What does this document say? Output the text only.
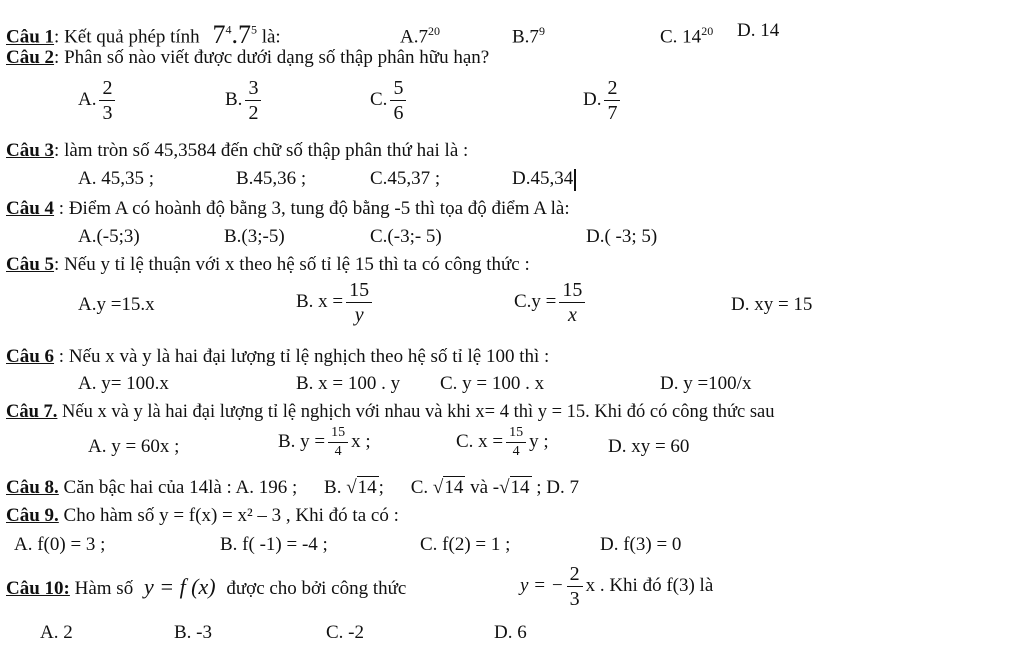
Câu 1: Kết quả phép tính $7^4.7^5$ là:	$A.7^{20}$	$B.7^9$	C. $14^{20}$ D. 14
Câu 2: Phân số nào viết được dưới dạng số thập phân hữu hạn?
A. $\frac{2}{3}$	B. $\frac{3}{2}$	C. $\frac{5}{6}$	D. $\frac{2}{7}$
Câu 3: làm tròn số 45,3584 đến chữ số thập phân thứ hai là :
A. 45,35 ;	B.45,36 ;	C.45,37 ;	D.45,34
Câu 4 : Điểm A có hoành độ bằng 3, tung độ bằng -5 thì tọa độ điểm A là:
A.(-5;3)	B.(3;-5)	C.(-3;- 5)	D.( -3; 5)
Câu 5: Nếu y tỉ lệ thuận với x theo hệ số tỉ lệ 15 thì ta có công thức :
A.y =15.x	B. $x = \frac{15}{y}$	$C.y = \frac{15}{x}$	D. xy = 15
Câu 6 : Nếu x và y là hai đại lượng tỉ lệ nghịch theo hệ số tỉ lệ 100 thì :
A. y= 100.x	B. x = 100 . y C. y = 100 . x	D. y =100/x
Câu 7. Nếu x và y là hai đại lượng tỉ lệ nghịch với nhau và khi x= 4 thì y = 15. Khi đó có công thức sau
A. y = 60x ;	B. $y = \frac{15}{4}$ x ;	C. $x = \frac{15}{4}$ y ;	D. xy = 60
Câu 8. Căn bậc hai của 14là : A. 196 ; B. √14 ; C. √14 và -√14 ; D. 7
Câu 9. Cho hàm số y = f(x) = x² – 3 , Khi đó ta có :
A. f(0) = 3 ;	B. f( -1) = -4 ;	C. f(2) = 1 ;	D. f(3) = 0
Câu 10: Hàm số y = f (x) được cho bởi công thức	y = − $\frac{2}{3}$ x . Khi đó f(3) là
A. 2	B. -3	C. -2	D. 6
